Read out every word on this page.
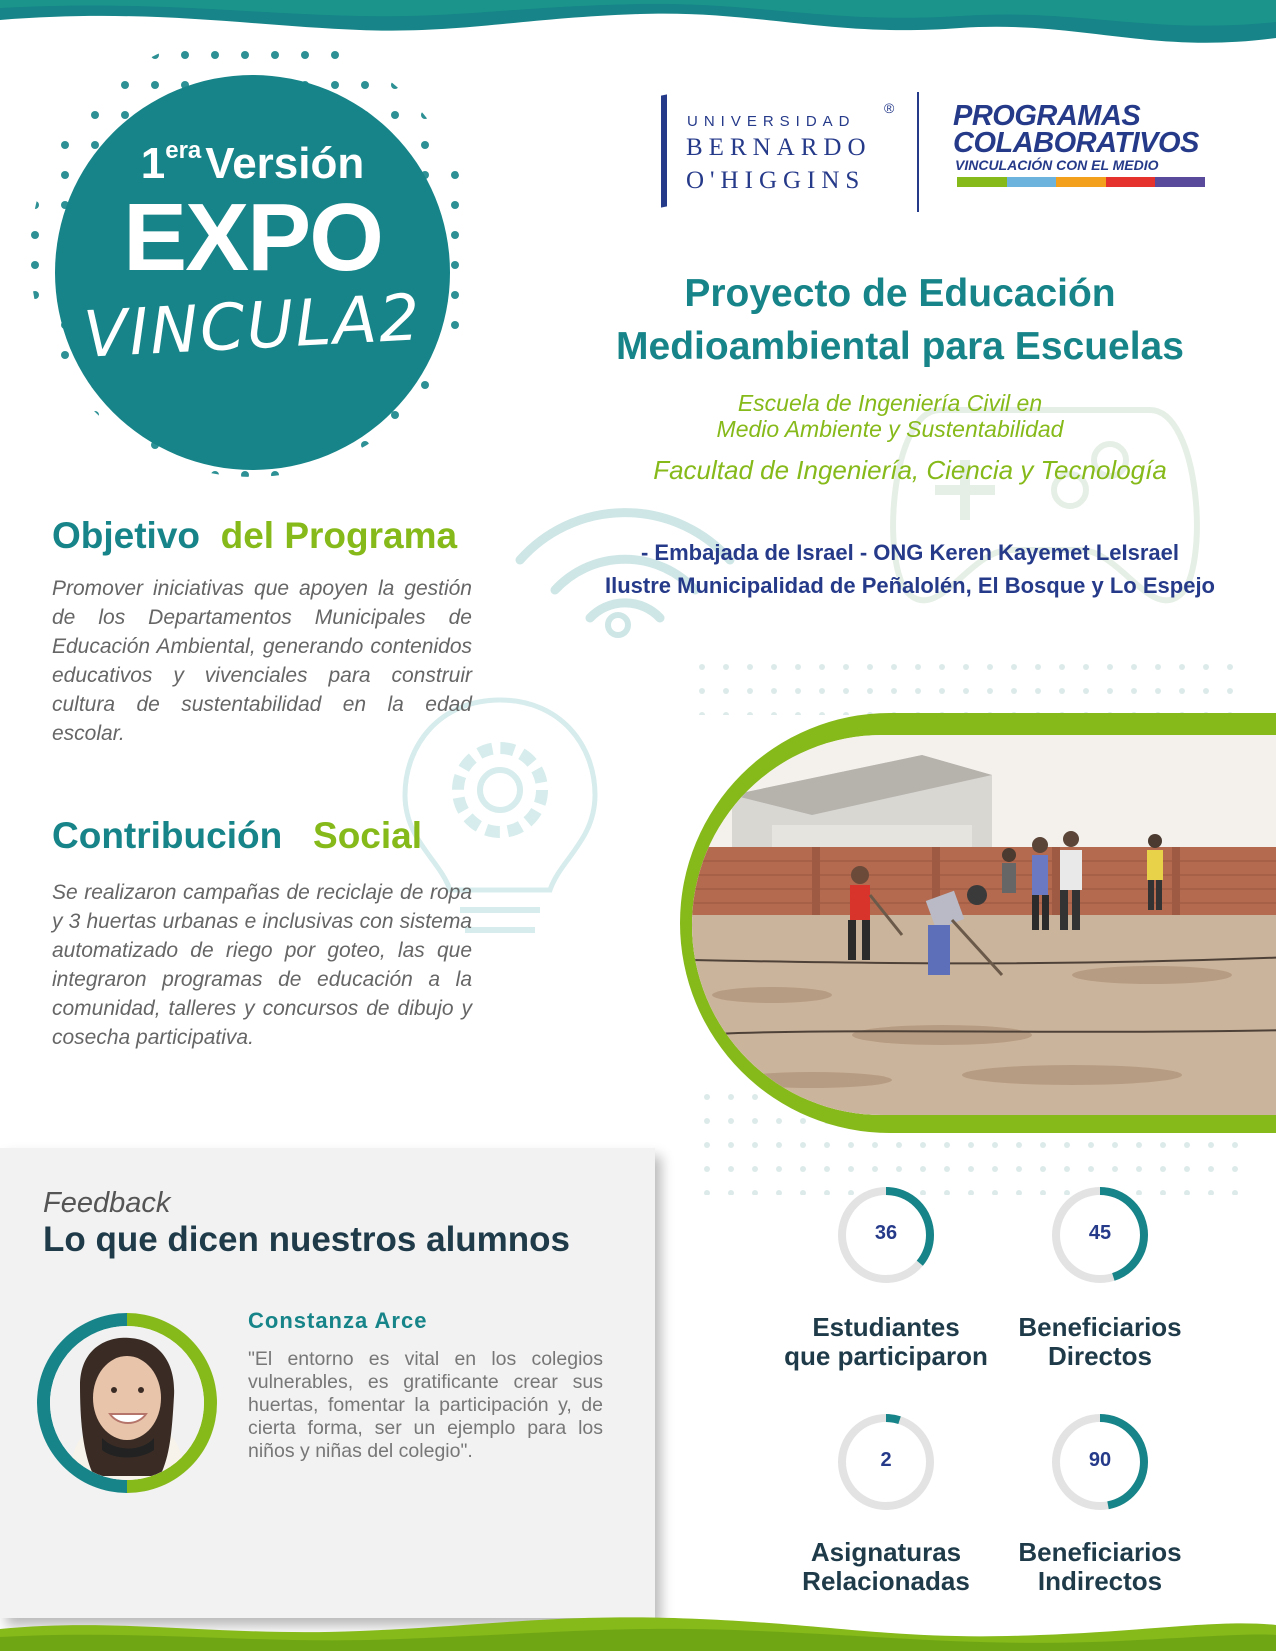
$1^{era}Versión$
EXPO
VINCULA2
UNIVERSIDAD
BERNARDO
O'HIGGINS
® PROGRAMAS
COLABORATIVOS
VINCULACIÓN CON EL MEDIO
Proyecto de Educación
Medioambiental para Escuelas
Escuela de Ingeniería Civil en
Medio Ambiente y Sustentabilidad
Facultad de Ingeniería, Ciencia y Tecnología
- Embajada de Israel - ONG Keren Kayemet LeIsrael
Ilustre Municipalidad de Peñalolén, El Bosque y Lo Espejo
Objetivo del Programa
Promover iniciativas que apoyen la gestión de los Departamentos Municipales de Educación Ambiental, generando contenidos educativos y vivenciales para construir cultura de sustentabilidad en la edad escolar.
Contribución Social
Se realizaron campañas de reciclaje de ropa y 3 huertas urbanas e inclusivas con sistema automatizado de riego por goteo, las que integraron programas de educación a la comunidad, talleres y concursos de dibujo y cosecha participativa.
Feedback
Lo que dicen nuestros alumnos
Constanza Arce
"El entorno es vital en los colegios vulnerables, es gratificante crear sus huertas, fomentar la participación y, de cierta forma, ser un ejemplo para los niños y niñas del colegio".
36
Estudiantes
que participaron
45
Beneficiarios
Directos
2
Asignaturas
Relacionadas
90
Beneficiarios
Indirectos
